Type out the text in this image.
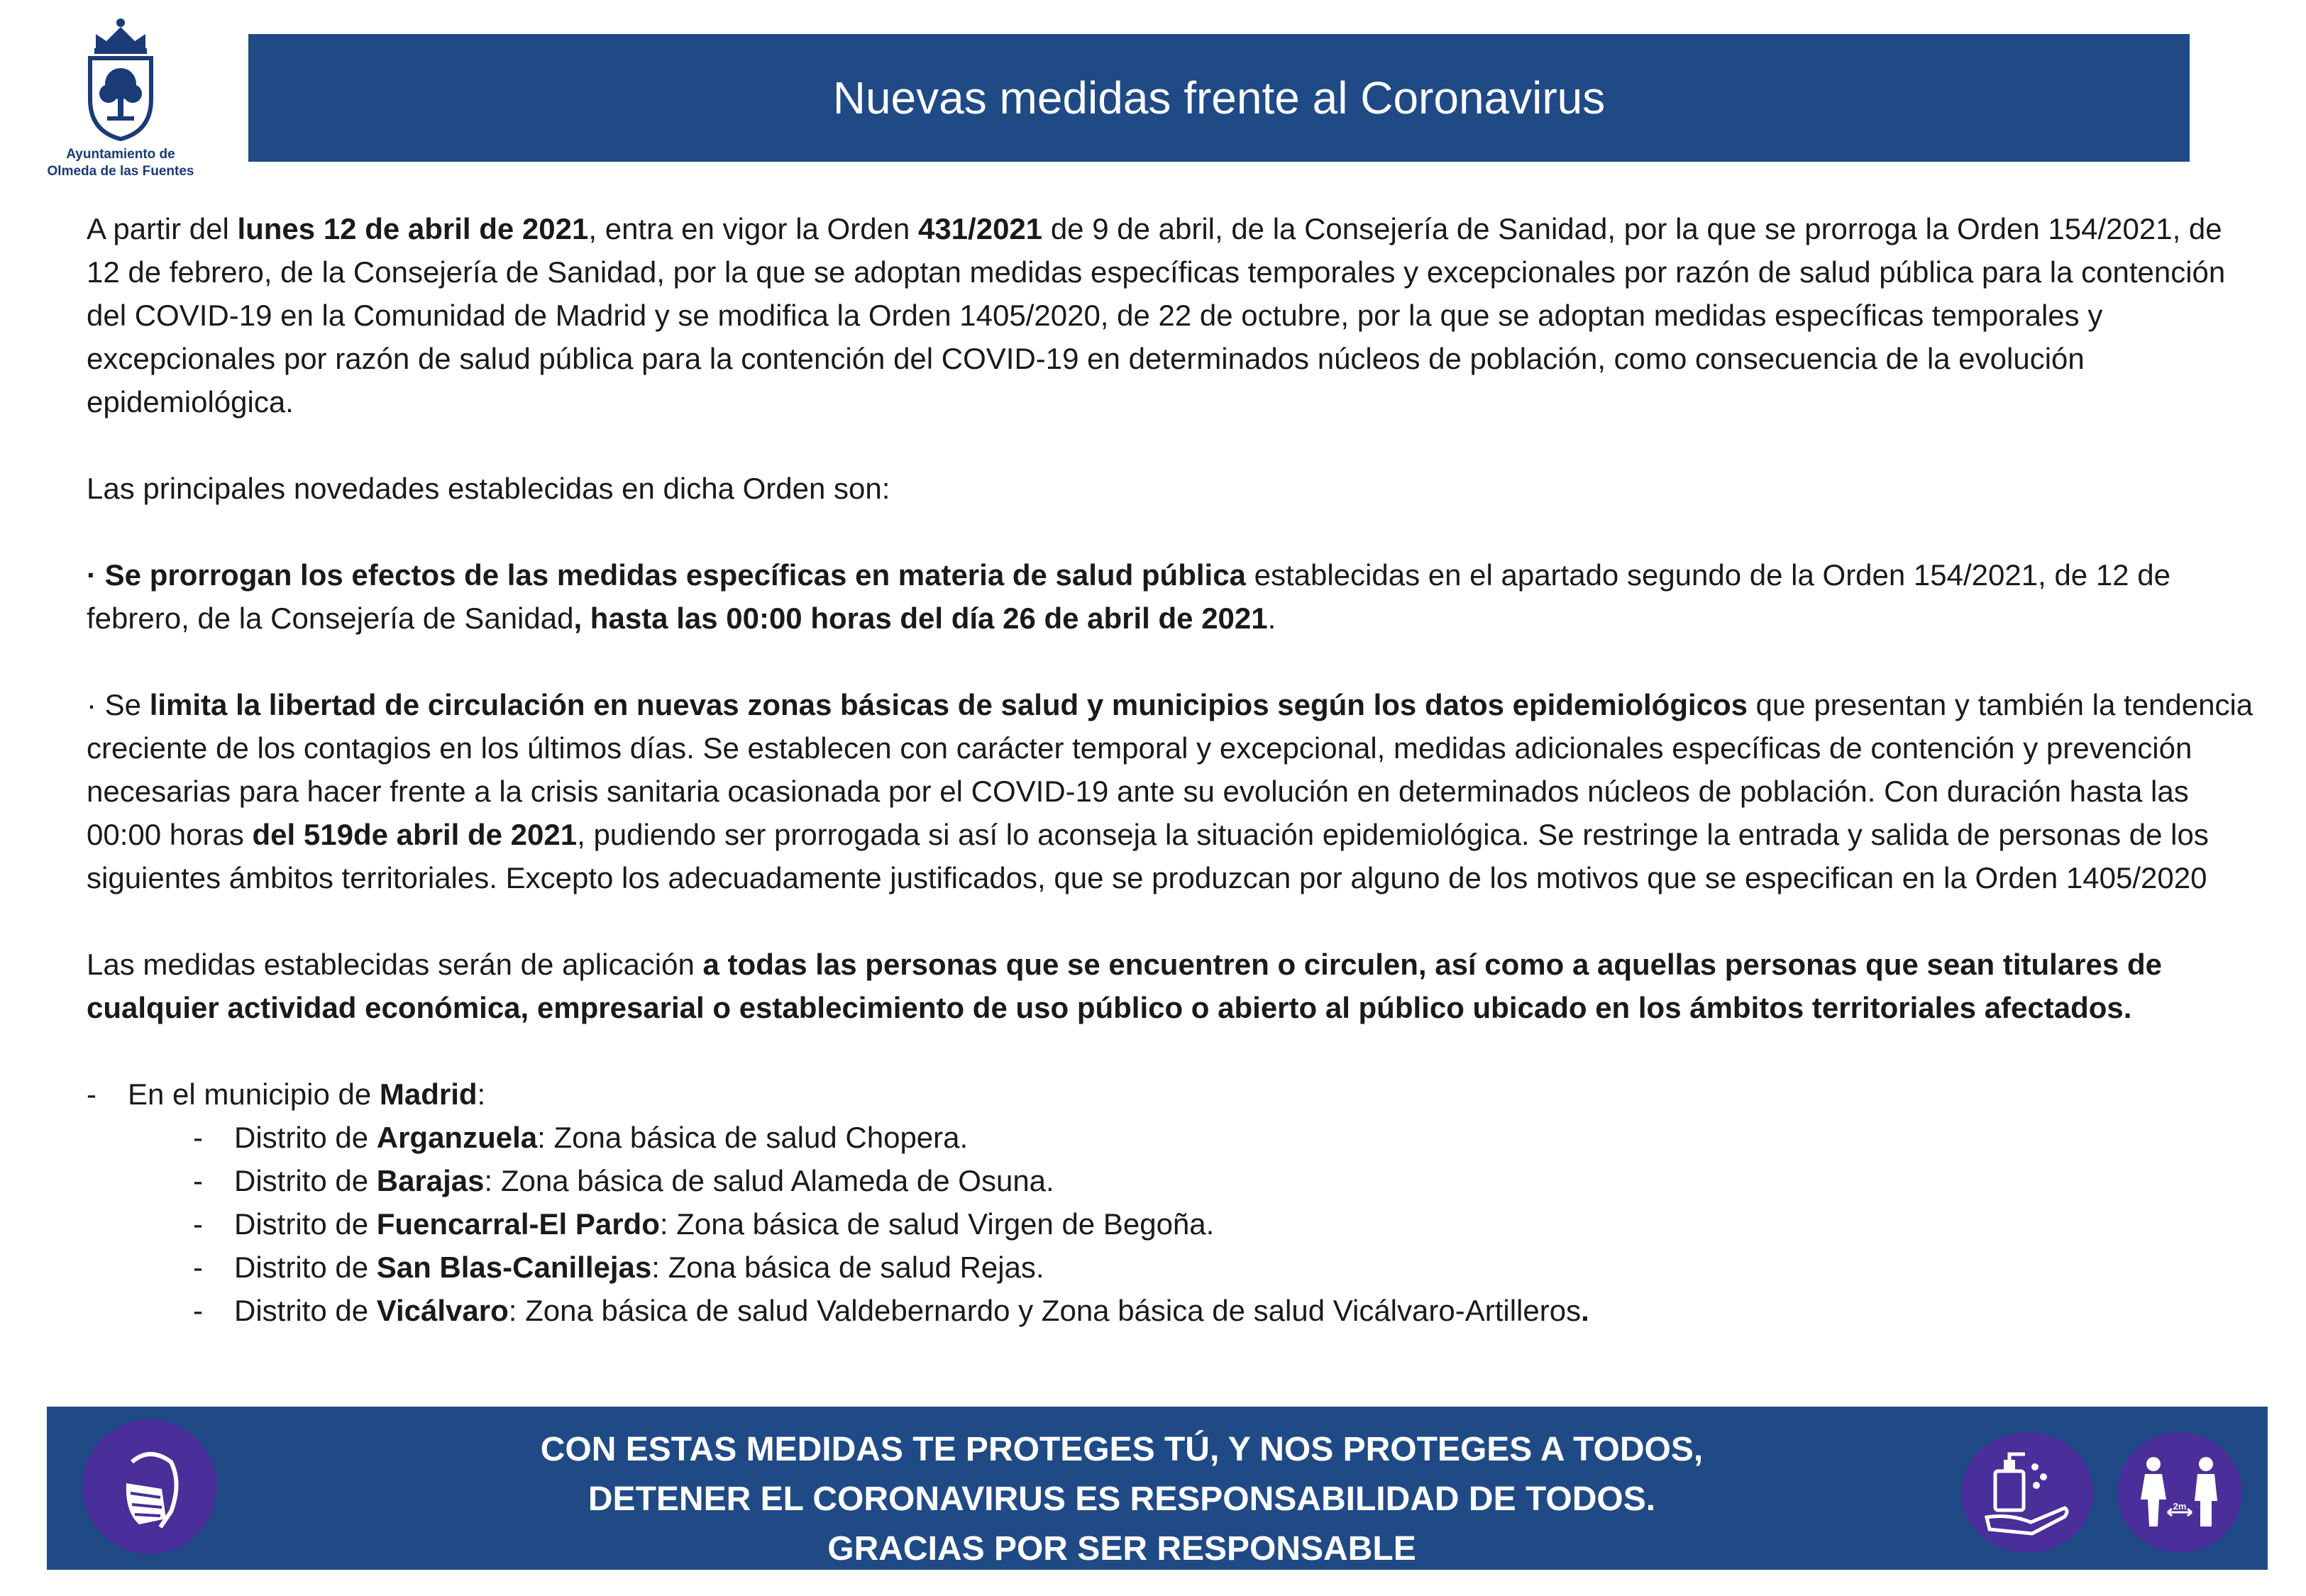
Ayuntamiento de
Olmeda de las Fuentes
Nuevas medidas frente al Coronavirus

A partir del lunes 12 de abril de 2021, entra en vigor la Orden 431/2021 de 9 de abril, de la Consejería de Sanidad, por la que se prorroga la Orden 154/2021, de 12 de febrero, de la Consejería de Sanidad, por la que se adoptan medidas específicas temporales y excepcionales por razón de salud pública para la contención del COVID-19 en la Comunidad de Madrid y se modifica la Orden 1405/2020, de 22 de octubre, por la que se adoptan medidas específicas temporales y excepcionales por razón de salud pública para la contención del COVID-19 en determinados núcleos de población, como consecuencia de la evolución epidemiológica.

Las principales novedades establecidas en dicha Orden son:

· Se prorrogan los efectos de las medidas específicas en materia de salud pública establecidas en el apartado segundo de la Orden 154/2021, de 12 de febrero, de la Consejería de Sanidad, hasta las 00:00 horas del día 26 de abril de 2021.

· Se limita la libertad de circulación en nuevas zonas básicas de salud y municipios según los datos epidemiológicos que presentan y también la tendencia creciente de los contagios en los últimos días. Se establecen con carácter temporal y excepcional, medidas adicionales específicas de contención y prevención necesarias para hacer frente a la crisis sanitaria ocasionada por el COVID-19 ante su evolución en determinados núcleos de población. Con duración hasta las 00:00 horas del 519de abril de 2021, pudiendo ser prorrogada si así lo aconseja la situación epidemiológica. Se restringe la entrada y salida de personas de los siguientes ámbitos territoriales. Excepto los adecuadamente justificados, que se produzcan por alguno de los motivos que se especifican en la Orden 1405/2020

Las medidas establecidas serán de aplicación a todas las personas que se encuentren o circulen, así como a aquellas personas que sean titulares de cualquier actividad económica, empresarial o establecimiento de uso público o abierto al público ubicado en los ámbitos territoriales afectados.

-	En el municipio de Madrid:
-	Distrito de Arganzuela: Zona básica de salud Chopera.
-	Distrito de Barajas: Zona básica de salud Alameda de Osuna.
-	Distrito de Fuencarral-El Pardo: Zona básica de salud Virgen de Begoña.
-	Distrito de San Blas-Canillejas: Zona básica de salud Rejas.
-	Distrito de Vicálvaro: Zona básica de salud Valdebernardo y Zona básica de salud Vicálvaro-Artilleros.
CON ESTAS MEDIDAS TE PROTEGES TÚ, Y NOS PROTEGES A TODOS,
DETENER EL CORONAVIRUS ES RESPONSABILIDAD DE TODOS.
GRACIAS POR SER RESPONSABLE
2m
